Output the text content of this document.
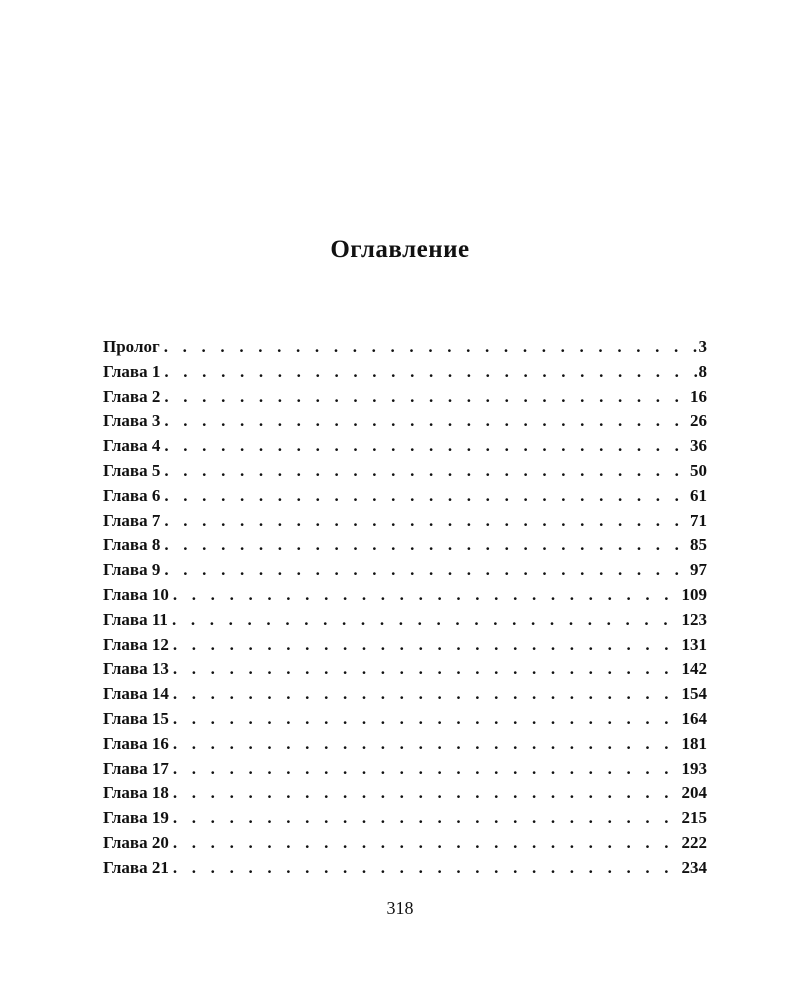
Оглавление
Пролог . . .	3
Глава 1 . . .	8
Глава 2 . . .	16
Глава 3 . . .	26
Глава 4 . . .	36
Глава 5 . . .	50
Глава 6 . . .	61
Глава 7 . . .	71
Глава 8 . . .	85
Глава 9 . . .	97
Глава 10 . . .	109
Глава 11 . . .	123
Глава 12 . . .	131
Глава 13 . . .	142
Глава 14 . . .	154
Глава 15 . . .	164
Глава 16 . . .	181
Глава 17 . . .	193
Глава 18 . . .	204
Глава 19 . . .	215
Глава 20 . . .	222
Глава 21 . . .	234
318
